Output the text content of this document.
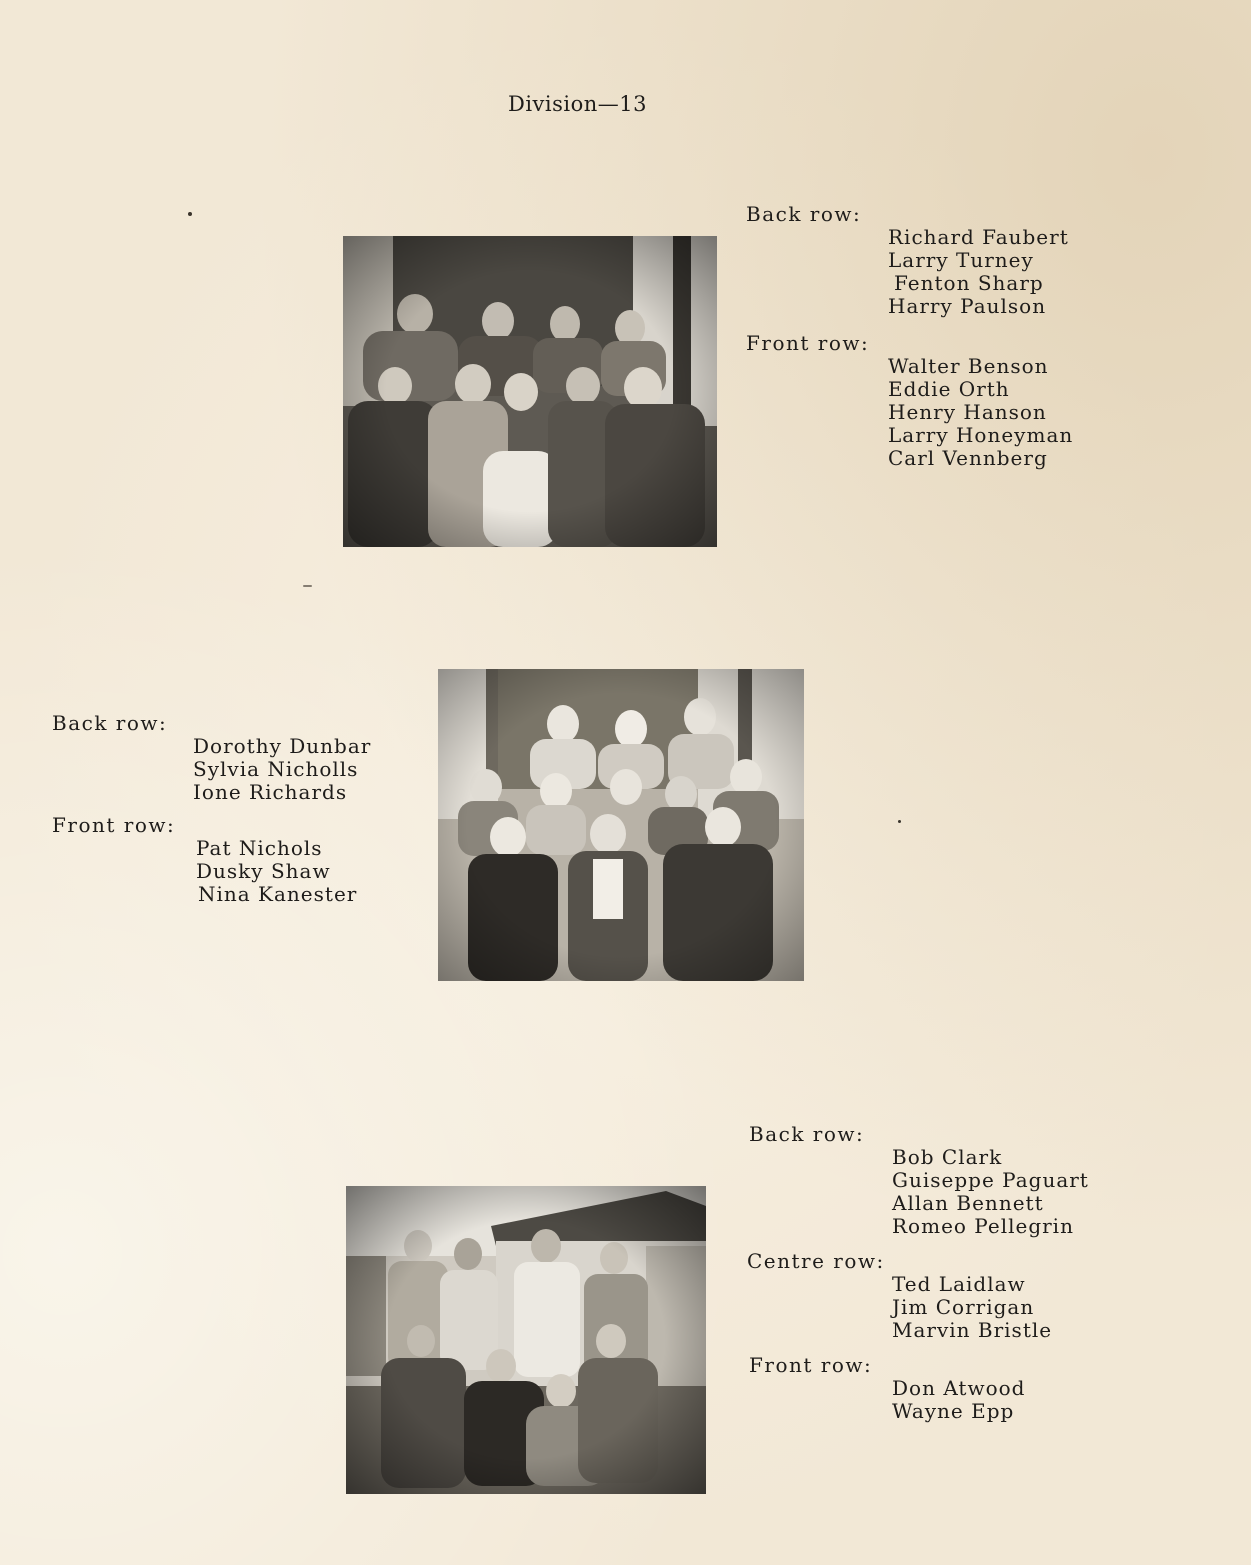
Division—13
Back row:
Richard Faubert
Larry Turney
Fenton Sharp
Harry Paulson
Front row:
Walter Benson
Eddie Orth
Henry Hanson
Larry Honeyman
Carl Vennberg
Back row:
Dorothy Dunbar
Sylvia Nicholls
Ione Richards
Front row:
Pat Nichols
Dusky Shaw
Nina Kanester
Back row:
Bob Clark
Guiseppe Paguart
Allan Bennett
Romeo Pellegrin
Centre row:
Ted Laidlaw
Jim Corrigan
Marvin Bristle
Front row:
Don Atwood
Wayne Epp
